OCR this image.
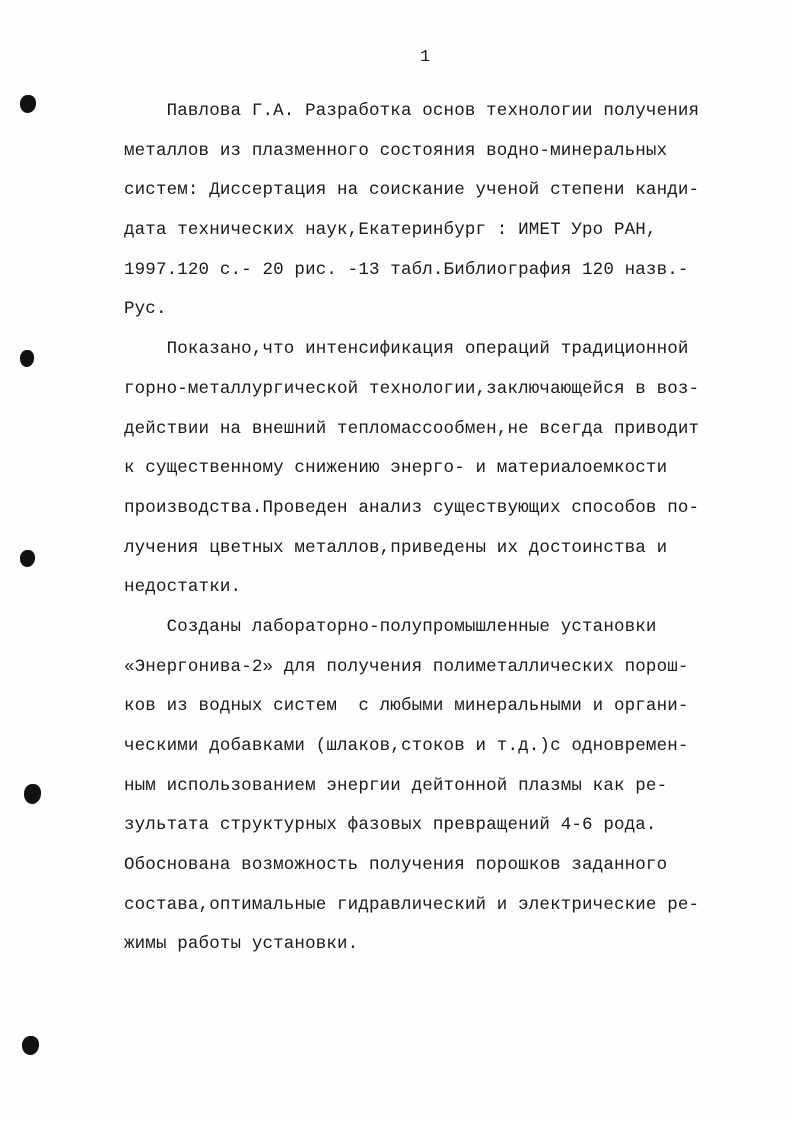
1
Павлова Г.А. Разработка основ технологии получения
металлов из плазменного состояния водно-минеральных
систем: Диссертация на соискание ученой степени канди-
дата технических наук,Екатеринбург : ИМЕТ Уро РАН,
1997.120 с.- 20 рис. -13 табл.Библиография 120 назв.-
Рус.
Показано,что интенсификация операций традиционной
горно-металлургической технологии,заключающейся в воз-
действии на внешний тепломассообмен,не всегда приводит
к существенному снижению энерго- и материалоемкости
производства.Проведен анализ существующих способов по-
лучения цветных металлов,приведены их достоинства и
недостатки.
Созданы лабораторно-полупромышленные установки
«Энергонива-2» для получения полиметаллических порош-
ков из водных систем  с любыми минеральными и органи-
ческими добавками (шлаков,стоков и т.д.)с одновремен-
ным использованием энергии дейтонной плазмы как ре-
зультата структурных фазовых превращений 4-6 рода.
Обоснована возможность получения порошков заданного
состава,оптимальные гидравлический и электрические ре-
жимы работы установки.
